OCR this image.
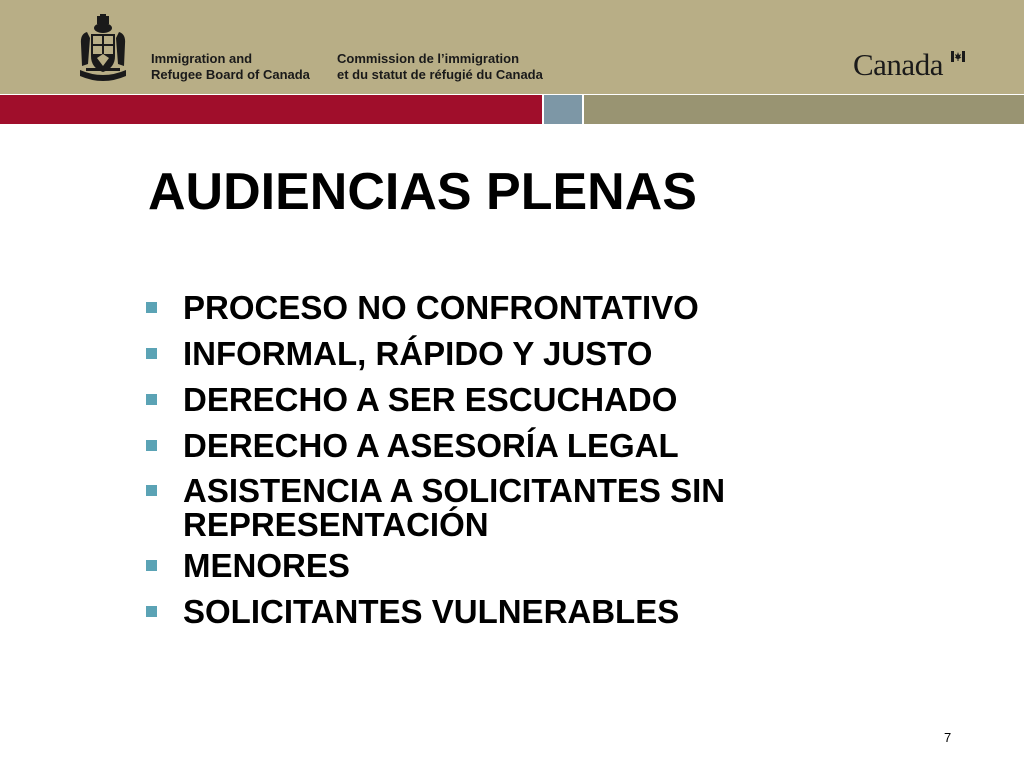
Immigration and
Refugee Board of Canada
Commission de l’immigration
et du statut de réfugié du Canada	Canada
AUDIENCIAS PLENAS
PROCESO NO CONFRONTATIVO
INFORMAL, RÁPIDO Y JUSTO
DERECHO A SER ESCUCHADO
DERECHO A ASESORÍA LEGAL
ASISTENCIA A SOLICITANTES SIN REPRESENTACIÓN
MENORES
SOLICITANTES VULNERABLES
7
